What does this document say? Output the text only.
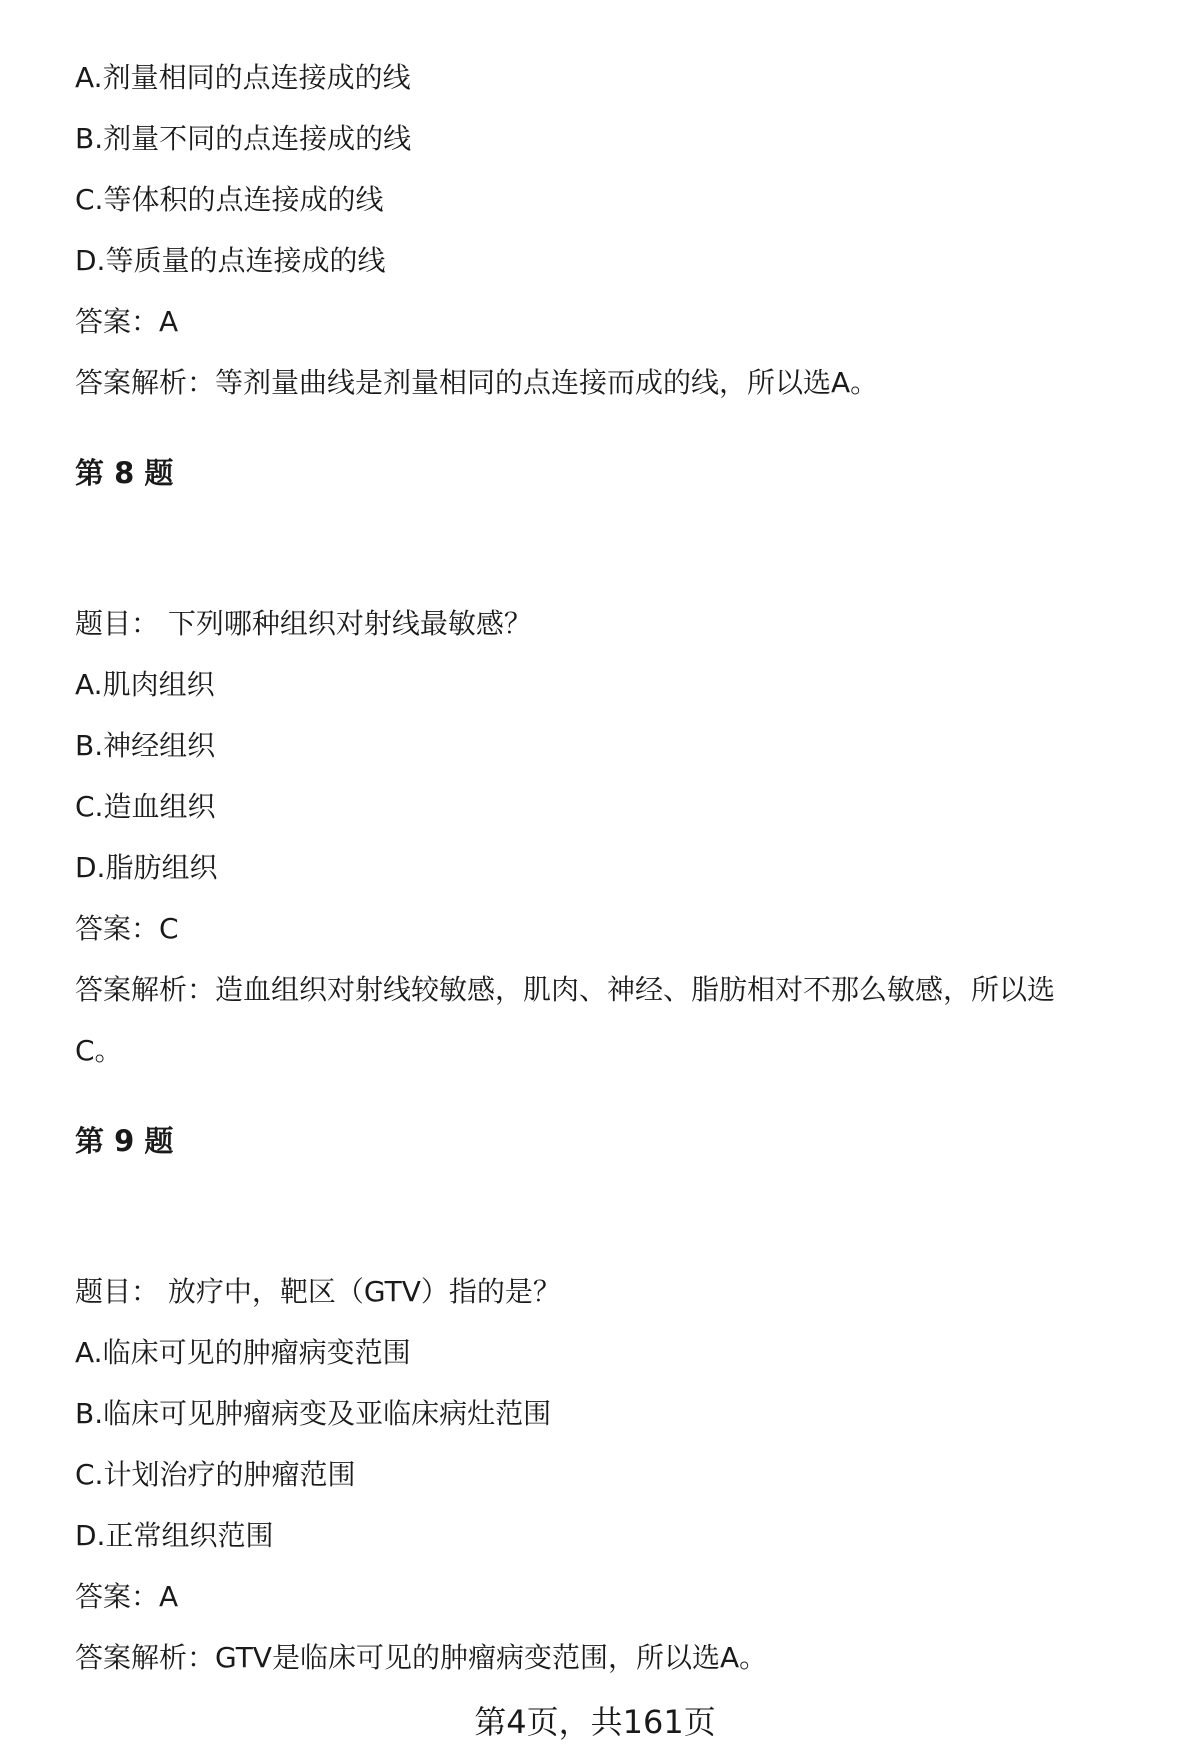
A.剂量相同的点连接成的线
B.剂量不同的点连接成的线
C.等体积的点连接成的线
D.等质量的点连接成的线
答案：A
答案解析：等剂量曲线是剂量相同的点连接而成的线，所以选A。
第 8 题
题目： 下列哪种组织对射线最敏感？
A.肌肉组织
B.神经组织
C.造血组织
D.脂肪组织
答案：C
答案解析：造血组织对射线较敏感，肌肉、神经、脂肪相对不那么敏感，所以选
C。
第 9 题
题目： 放疗中，靶区（GTV）指的是？
A.临床可见的肿瘤病变范围
B.临床可见肿瘤病变及亚临床病灶范围
C.计划治疗的肿瘤范围
D.正常组织范围
答案：A
答案解析：GTV是临床可见的肿瘤病变范围，所以选A。
第4页，共161页
